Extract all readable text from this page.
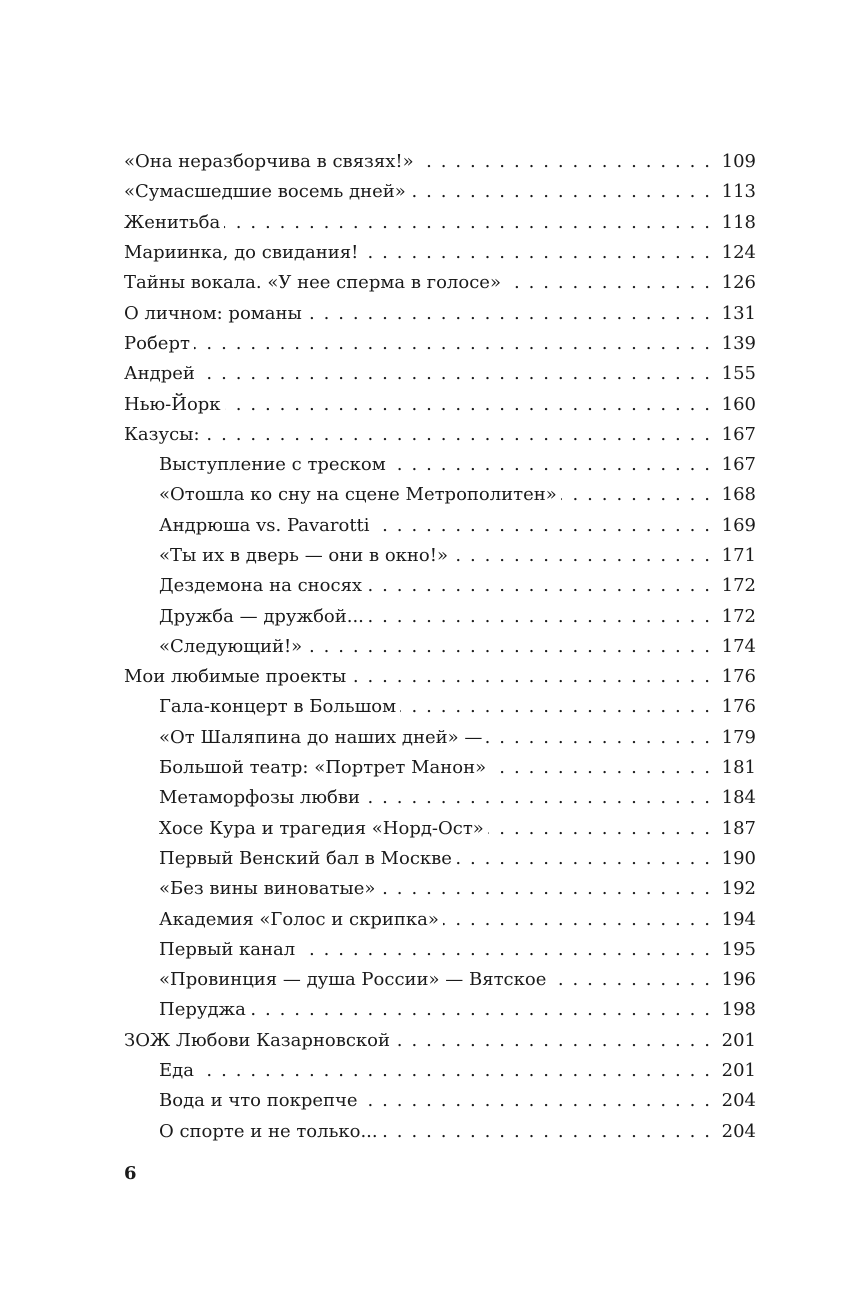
«Она неразборчива в связях!» . . .	109
«Сумасшедшие восемь дней» . . .	113
Женитьба . . .	118
Мариинка, до свидания! . . .	124
Тайны вокала. «У нее сперма в голосе» . . .	126
О личном: романы . . .	131
Роберт . . .	139
Андрей . . .	155
Нью-Йорк . . .	160
Казусы: . . .	167
Выступление с треском . . .	167
«Отошла ко сну на сцене Метрополитен» . . .	168
Андрюша vs. Pavarotti . . .	169
«Ты их в дверь — они в окно!» . . .	171
Дездемона на сносях . . .	172
Дружба — дружбой... . . .	172
«Следующий!» . . .	174
Мои любимые проекты . . .	176
Гала-концерт в Большом . . .	176
«От Шаляпина до наших дней» — . . .	179
Большой театр: «Портрет Манон» . . .	181
Метаморфозы любви . . .	184
Хосе Кура и трагедия «Норд-Ост» . . .	187
Первый Венский бал в Москве . . .	190
«Без вины виноватые» . . .	192
Академия «Голос и скрипка» . . .	194
Первый канал . . .	195
«Провинция — душа России» — Вятское . . .	196
Перуджа . . .	198
ЗОЖ Любови Казарновской . . .	201
Еда . . .	201
Вода и что покрепче . . .	204
О спорте и не только... . . .	204
6
